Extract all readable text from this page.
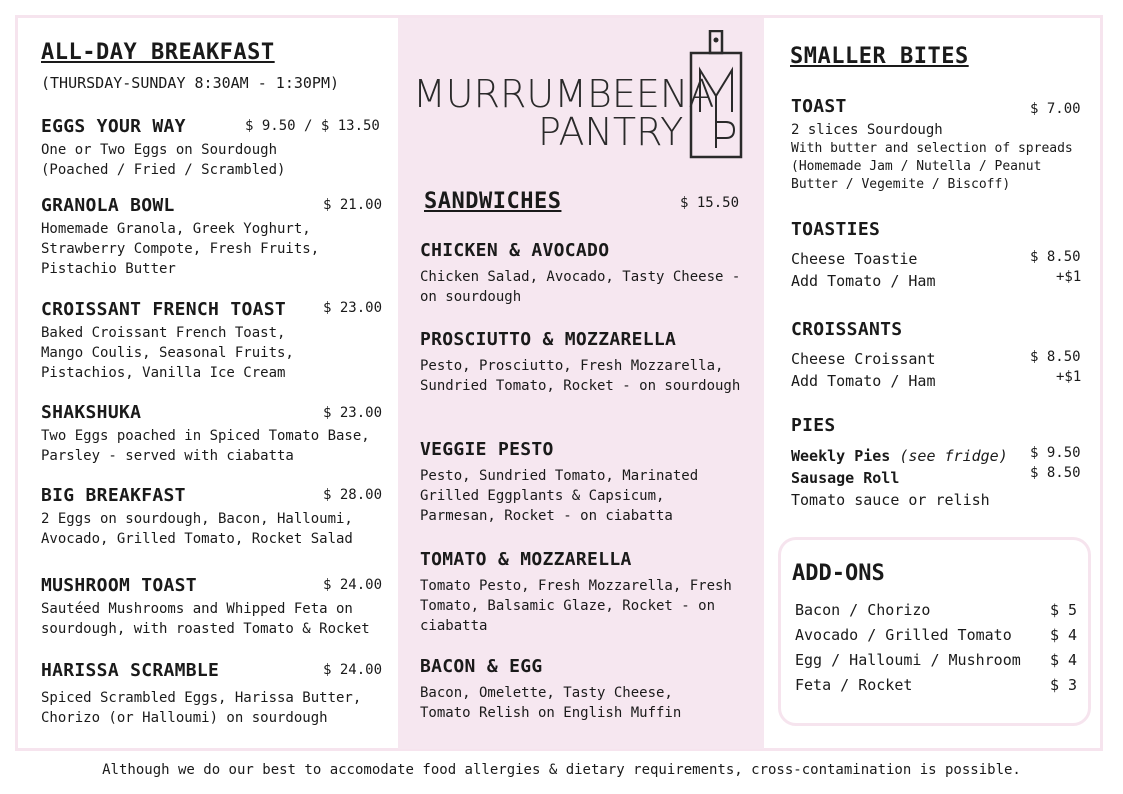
ALL-DAY BREAKFAST
(THURSDAY-SUNDAY 8:30AM - 1:30PM)
EGGS YOUR WAY	$ 9.50 / $ 13.50
One or Two Eggs on Sourdough (Poached / Fried / Scrambled)
GRANOLA BOWL	$ 21.00
Homemade Granola, Greek Yoghurt, Strawberry Compote, Fresh Fruits, Pistachio Butter
CROISSANT FRENCH TOAST	$ 23.00
Baked Croissant French Toast, Mango Coulis, Seasonal Fruits, Pistachios, Vanilla Ice Cream
SHAKSHUKA	$ 23.00
Two Eggs poached in Spiced Tomato Base, Parsley - served with ciabatta
BIG BREAKFAST	$ 28.00
2 Eggs on sourdough, Bacon, Halloumi, Avocado, Grilled Tomato, Rocket Salad
MUSHROOM TOAST	$ 24.00
Sautéed Mushrooms and Whipped Feta on sourdough, with roasted Tomato & Rocket
HARISSA SCRAMBLE	$ 24.00
Spiced Scrambled Eggs, Harissa Butter, Chorizo (or Halloumi) on sourdough
MURRUMBEENA
PANTRY
SANDWICHES	$ 15.50
CHICKEN & AVOCADO
Chicken Salad, Avocado, Tasty Cheese - on sourdough
PROSCIUTTO & MOZZARELLA
Pesto, Prosciutto, Fresh Mozzarella, Sundried Tomato, Rocket - on sourdough
VEGGIE PESTO
Pesto, Sundried Tomato, Marinated Grilled Eggplants & Capsicum, Parmesan, Rocket - on ciabatta
TOMATO & MOZZARELLA
Tomato Pesto, Fresh Mozzarella, Fresh Tomato, Balsamic Glaze, Rocket - on ciabatta
BACON & EGG
Bacon, Omelette, Tasty Cheese, Tomato Relish on English Muffin
SMALLER BITES
TOAST	$ 7.00
2 slices Sourdough
With butter and selection of spreads (Homemade Jam / Nutella / Peanut Butter / Vegemite / Biscoff)
TOASTIES
Cheese Toastie	$ 8.50
Add Tomato / Ham	+$1
CROISSANTS
Cheese Croissant	$ 8.50
Add Tomato / Ham	+$1
PIES
Weekly Pies (see fridge) $ 9.50
Sausage Roll	$ 8.50
Tomato sauce or relish
ADD-ONS
Bacon / Chorizo	$ 5
Avocado / Grilled Tomato	$ 4
Egg / Halloumi / Mushroom $ 4
Feta / Rocket	$ 3
Although we do our best to accomodate food allergies & dietary requirements, cross-contamination is possible.
